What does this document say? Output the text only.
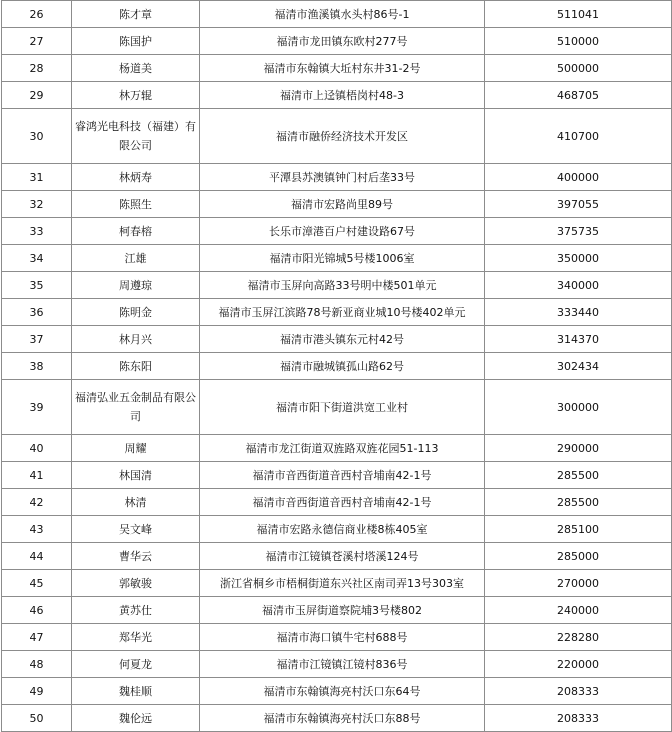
26	陈才章	福清市渔溪镇水头村86号-1	511041
27	陈国护	福清市龙田镇东欧村277号	510000
28	杨道美	福清市东翰镇大坵村东井31-2号	500000
29	林万辊	福清市上迳镇梧岗村48-3	468705
30	睿鸿光电科技（福建）有限公司	福清市融侨经济技术开发区	410700
31	林炳寿	平潭县苏澳镇钟门村后垄33号	400000
32	陈照生	福清市宏路尚里89号	397055
33	柯春榕	长乐市漳港百户村建设路67号	375735
34	江雄	福清市阳光锦城5号楼1006室	350000
35	周遵琼	福清市玉屏向高路33号明中楼501单元	340000
36	陈明金	福清市玉屏江滨路78号新亚商业城10号楼402单元	333440
37	林月兴	福清市港头镇东元村42号	314370
38	陈东阳	福清市融城镇孤山路62号	302434
39	福清弘业五金制品有限公司	福清市阳下街道洪宽工业村	300000
40	周耀	福清市龙江街道双旌路双旌花园51-113	290000
41	林国清	福清市音西街道音西村音埔南42-1号	285500
42	林清	福清市音西街道音西村音埔南42-1号	285500
43	吴文峰	福清市宏路永德信商业楼8栋405室	285100
44	曹华云	福清市江镜镇苍溪村塔溪124号	285000
45	郭敏骏	浙江省桐乡市梧桐街道东兴社区南司弄13号303室	270000
46	黄苏仕	福清市玉屏街道察院埔3号楼802	240000
47	郑华光	福清市海口镇牛宅村688号	228280
48	何夏龙	福清市江镜镇江镜村836号	220000
49	魏桂顺	福清市东翰镇海亮村沃口东64号	208333
50	魏伦远	福清市东翰镇海亮村沃口东88号	208333
